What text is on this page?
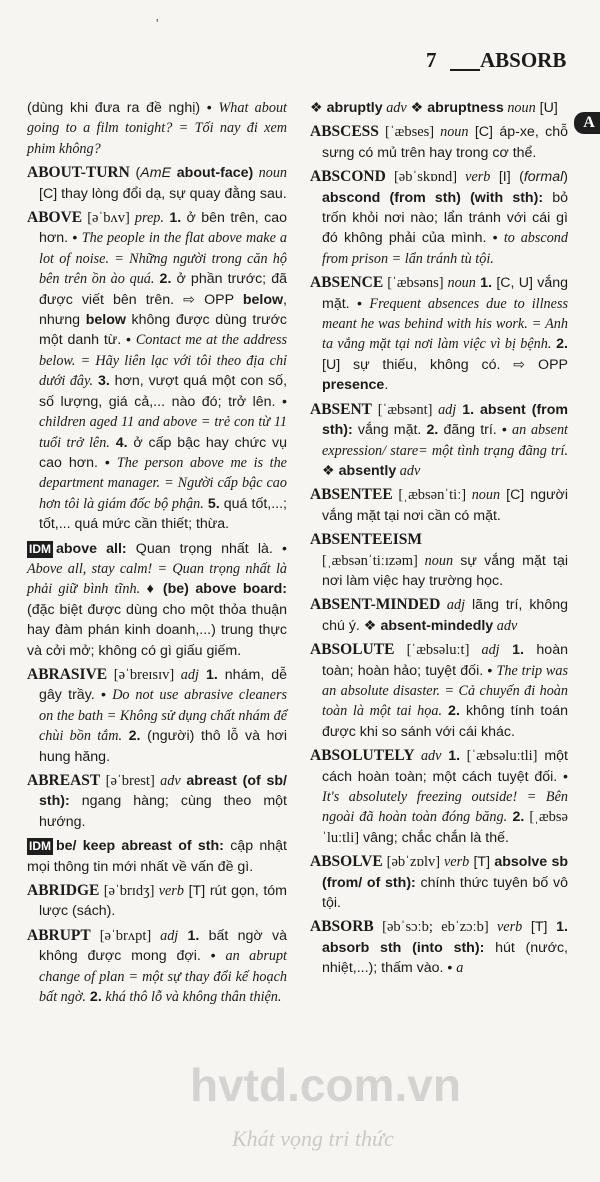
'
7 ABSORB
A

(dùng khi đưa ra đề nghị) • What about going to a film tonight? = Tối nay đi xem phim không?

ABOUT-TURN (AmE about-face) noun [C] thay lòng đổi dạ, sự quay đằng sau.

ABOVE [əˈbʌv] prep. 1. ở bên trên, cao hơn. • The people in the flat above make a lot of noise. = Những người trong căn hộ bên trên ồn ào quá. 2. ở phần trước; đã được viết bên trên. ⇨ OPP below, nhưng below không được dùng trước một danh từ. • Contact me at the address below. = Hãy liên lạc với tôi theo địa chỉ dưới đây. 3. hơn, vượt quá một con số, số lượng, giá cả,... nào đó; trở lên. • children aged 11 and above = trẻ con từ 11 tuổi trở lên. 4. ở cấp bậc hay chức vụ cao hơn. • The person above me is the department manager. = Người cấp bậc cao hơn tôi là giám đốc bộ phận. 5. quá tốt,...; tốt,... quá mức cần thiết; thừa.

IDM above all: Quan trọng nhất là. • Above all, stay calm! = Quan trọng nhất là phải giữ bình tĩnh. ♦ (be) above board: (đặc biệt được dùng cho một thỏa thuận hay đàm phán kinh doanh,...) trung thực và cởi mở; không có gì giấu giếm.

ABRASIVE [əˈbreɪsɪv] adj 1. nhám, dễ gây trầy. • Do not use abrasive cleaners on the bath = Không sử dụng chất nhám để chùi bồn tắm. 2. (người) thô lỗ và hơi hung hăng.

ABREAST [əˈbrest] adv abreast (of sb/ sth): ngang hàng; cùng theo một hướng.

IDM be/ keep abreast of sth: cập nhật mọi thông tin mới nhất về vấn đề gì.

ABRIDGE [əˈbrɪdʒ] verb [T] rút gọn, tóm lược (sách).

ABRUPT [əˈbrʌpt] adj 1. bất ngờ và không được mong đợi. • an abrupt change of plan = một sự thay đổi kế hoạch bất ngờ. 2. khá thô lỗ và không thân thiện.

❖ abruptly adv ❖ abruptness noun [U]

ABSCESS [ˈæbses] noun [C] áp-xe, chỗ sưng có mủ trên hay trong cơ thể.

ABSCOND [əbˈskɒnd] verb [I] (formal) abscond (from sth) (with sth): bỏ trốn khỏi nơi nào; lẩn tránh với cái gì đó không phải của mình. • to abscond from prison = lẩn tránh tù tội.

ABSENCE [ˈæbsəns] noun 1. [C, U] vắng mặt. • Frequent absences due to illness meant he was behind with his work. = Anh ta vắng mặt tại nơi làm việc vì bị bệnh. 2. [U] sự thiếu, không có. ⇨ OPP presence.

ABSENT [ˈæbsənt] adj 1. absent (from sth): vắng mặt. 2. đãng trí. • an absent expression/ stare= một tình trạng đãng trí. ❖ absently adv

ABSENTEE [ˌæbsənˈtiː] noun [C] người vắng mặt tại nơi cần có mặt.

ABSENTEEISM
[ˌæbsənˈtiːɪzəm] noun sự vắng mặt tại nơi làm việc hay trường học.

ABSENT-MINDED adj lãng trí, không chú ý. ❖ absent-mindedly adv

ABSOLUTE [ˈæbsəluːt] adj 1. hoàn toàn; hoàn hảo; tuyệt đối. • The trip was an absolute disaster. = Cả chuyến đi hoàn toàn là một tai họa. 2. không tính toán được khi so sánh với cái khác.

ABSOLUTELY adv 1. [ˈæbsəluːtli] một cách hoàn toàn; một cách tuyệt đối. • It's absolutely freezing outside! = Bên ngoài đã hoàn toàn đóng băng. 2. [ˌæbsəˈluːtli] vâng; chắc chắn là thế.

ABSOLVE [əbˈzɒlv] verb [T] absolve sb (from/ of sth): chính thức tuyên bố vô tội.

ABSORB [əbˈsɔːb; ebˈzɔːb] verb [T] 1. absorb sth (into sth): hút (nước, nhiệt,...); thấm vào. • a

hvtd.com.vn
Khát vọng tri thức
